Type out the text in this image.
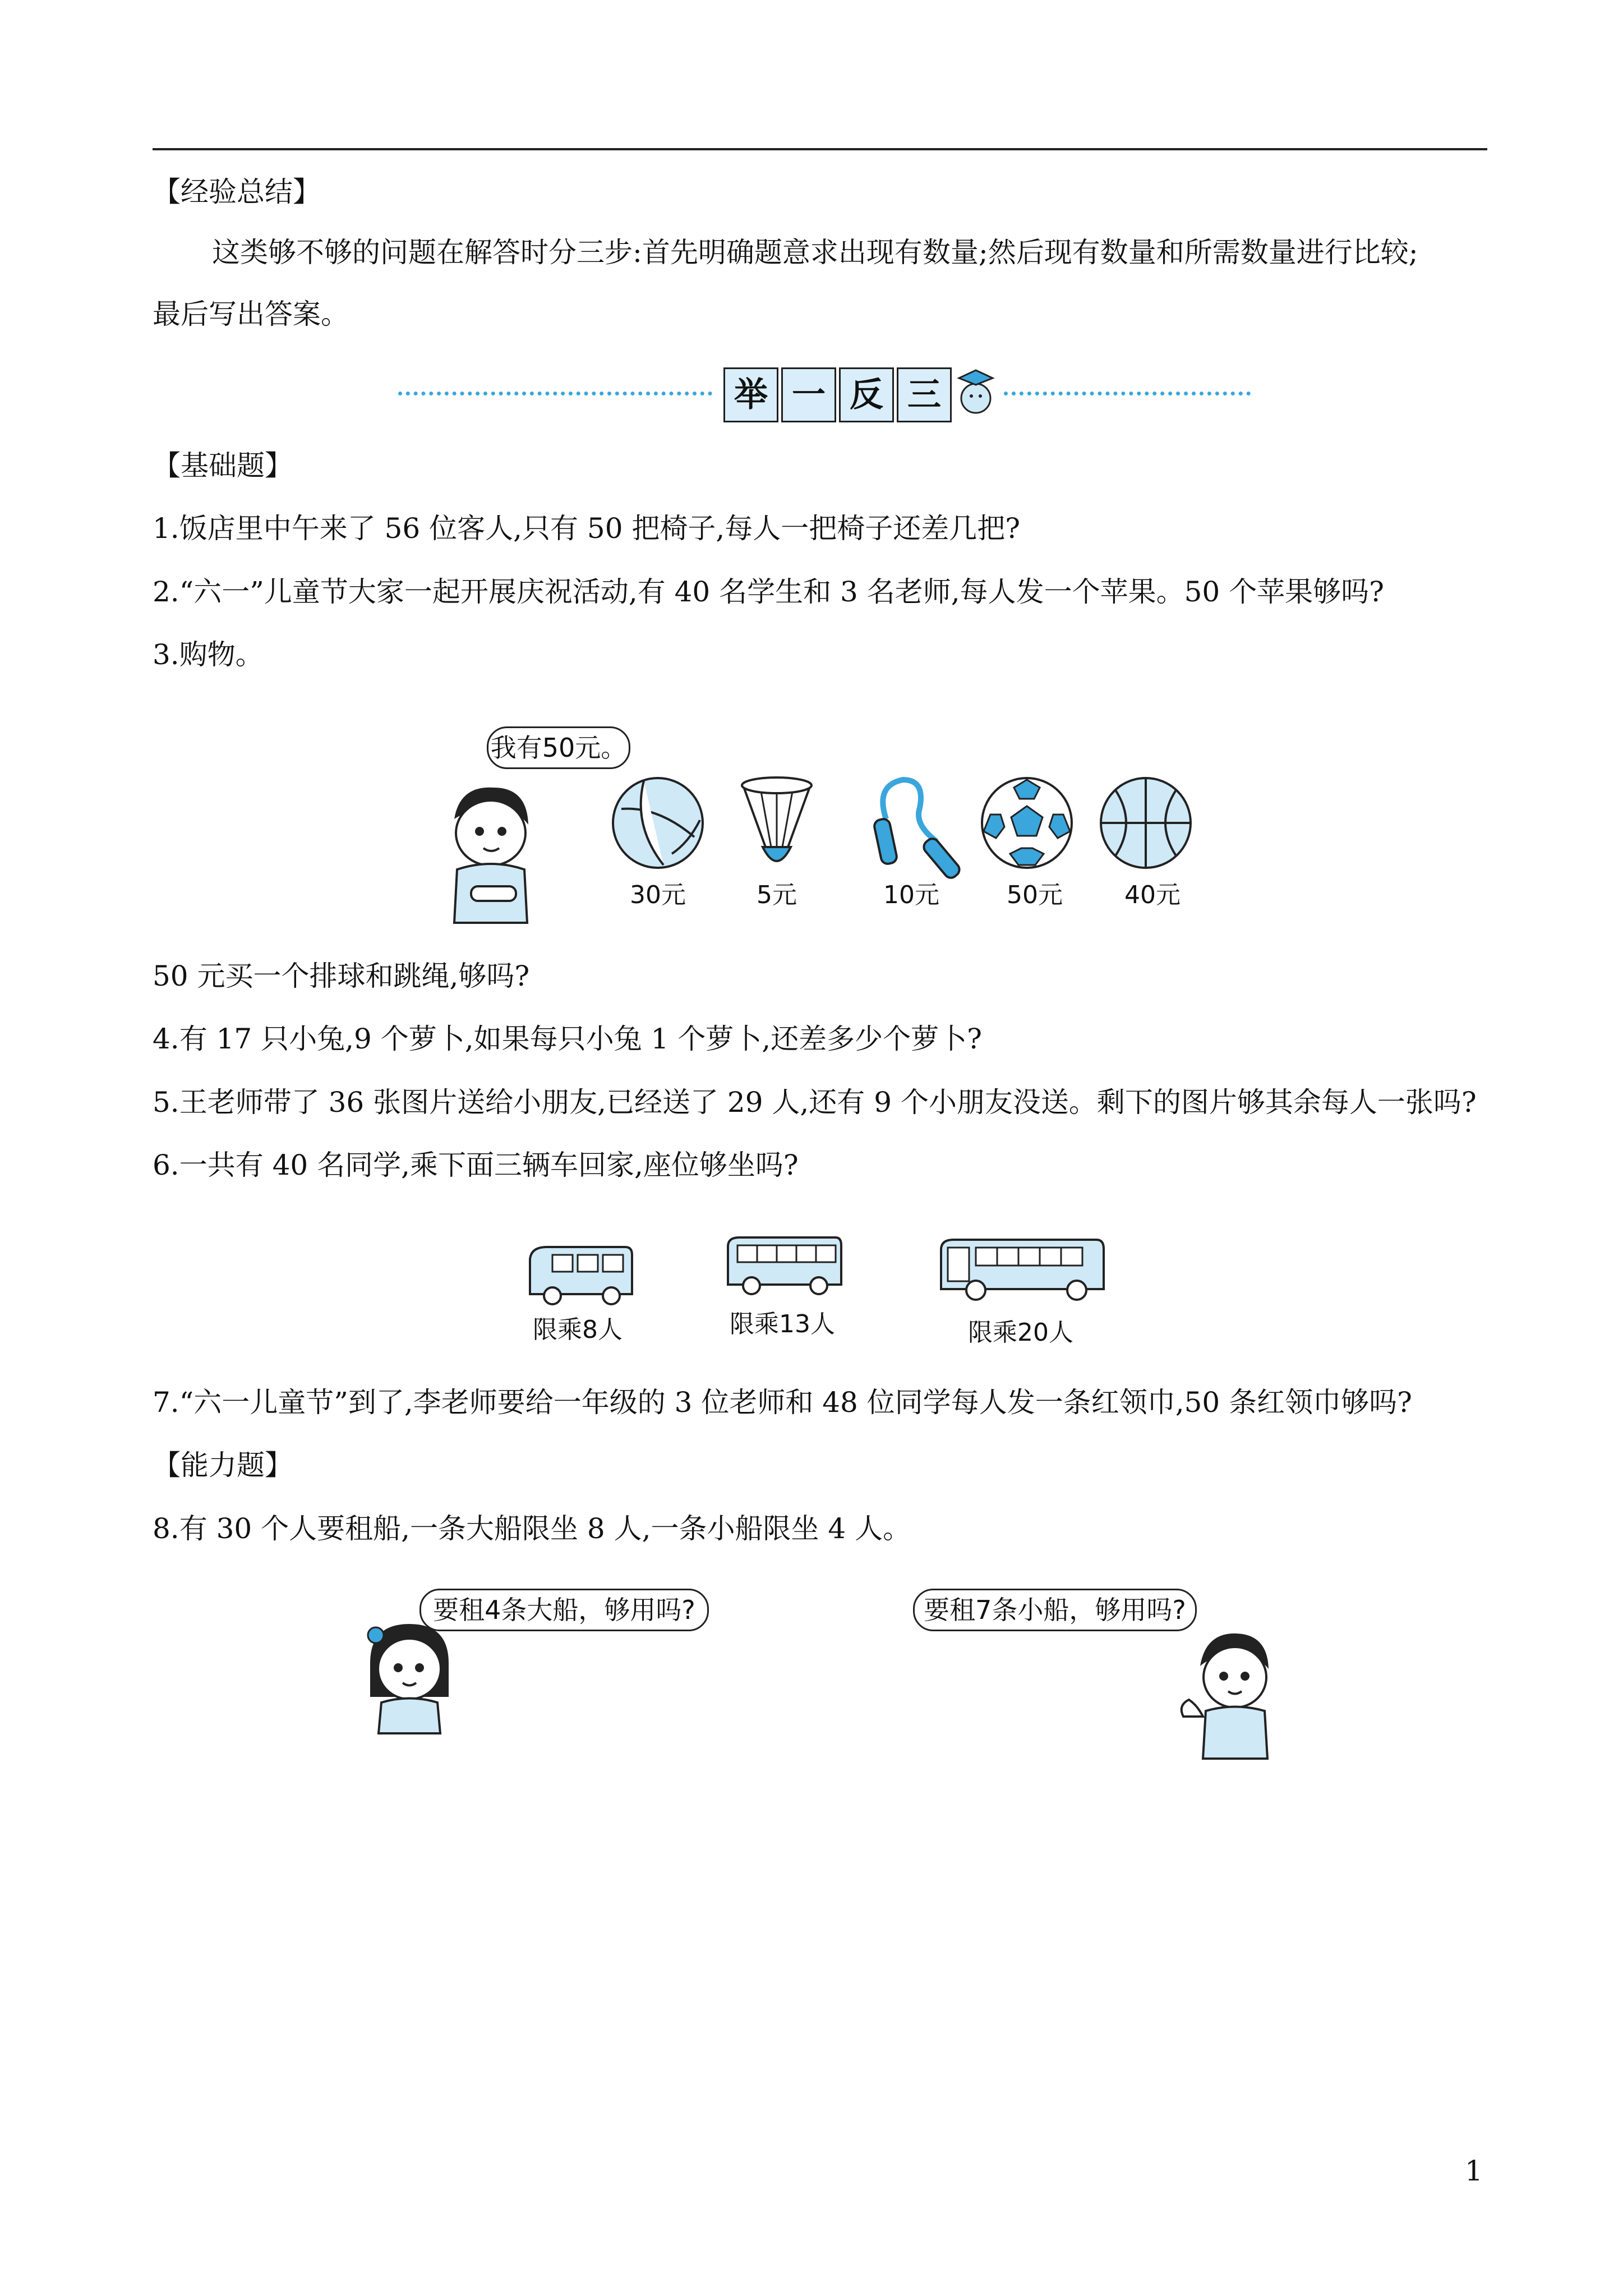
【经验总结】
这类够不够的问题在解答时分三步:首先明确题意求出现有数量;然后现有数量和所需数量进行比较;
最后写出答案。
举 一 反 三
【基础题】
1.饭店里中午来了 56 位客人,只有 50 把椅子,每人一把椅子还差几把?
2.“六一”儿童节大家一起开展庆祝活动,有 40 名学生和 3 名老师,每人发一个苹果。50 个苹果够吗?
3.购物。
我有50元。
30元	5元	10元	50元	40元
50 元买一个排球和跳绳,够吗?
4.有 17 只小兔,9 个萝卜,如果每只小兔 1 个萝卜,还差多少个萝卜?
5.王老师带了 36 张图片送给小朋友,已经送了 29 人,还有 9 个小朋友没送。剩下的图片够其余每人一张吗?
6.一共有 40 名同学,乘下面三辆车回家,座位够坐吗?
限乘8人	限乘13人	限乘20人
7.“六一儿童节”到了,李老师要给一年级的 3 位老师和 48 位同学每人发一条红领巾,50 条红领巾够吗?
【能力题】
8.有 30 个人要租船,一条大船限坐 8 人,一条小船限坐 4 人。
要租4条大船，够用吗?	要租7条小船，够用吗?
1
